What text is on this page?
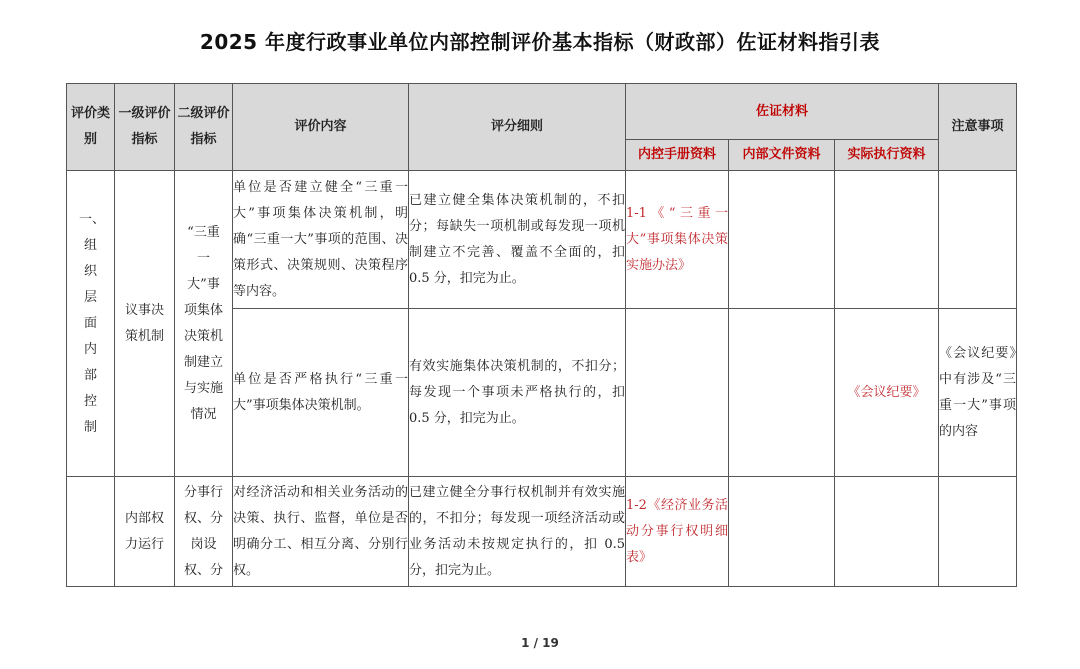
2025 年度行政事业单位内部控制评价基本指标（财政部）佐证材料指引表
评价类别	一级评价指标	二级评价指标	评价内容	评分细则	佐证材料			注意事项
					内控手册资料	内部文件资料	实际执行资料	
一、组织层面内部控制	议事决策机制	“三重一大”事项集体决策机制建立与实施情况	单位是否建立健全“三重一大”事项集体决策机制，明确“三重一大”事项的范围、决策形式、决策规则、决策程序等内容。	已建立健全集体决策机制的，不扣分；每缺失一项机制或每发现一项机制建立不完善、覆盖不全面的，扣 0.5 分，扣完为止。	1-1《“三重一大”事项集体决策实施办法》			
			单位是否严格执行“三重一大”事项集体决策机制。	有效实施集体决策机制的，不扣分；每发现一个事项未严格执行的，扣 0.5 分，扣完为止。			《会议纪要》	《会议纪要》中有涉及“三重一大”事项的内容
	内部权力运行	分事行权、分岗设权、分	对经济活动和相关业务活动的决策、执行、监督，单位是否明确分工、相互分离、分别行权。	已建立健全分事行权机制并有效实施的，不扣分；每发现一项经济活动或业务活动未按规定执行的，扣 0.5 分，扣完为止。	1-2《经济业务活动分事行权明细表》			
1 / 19
